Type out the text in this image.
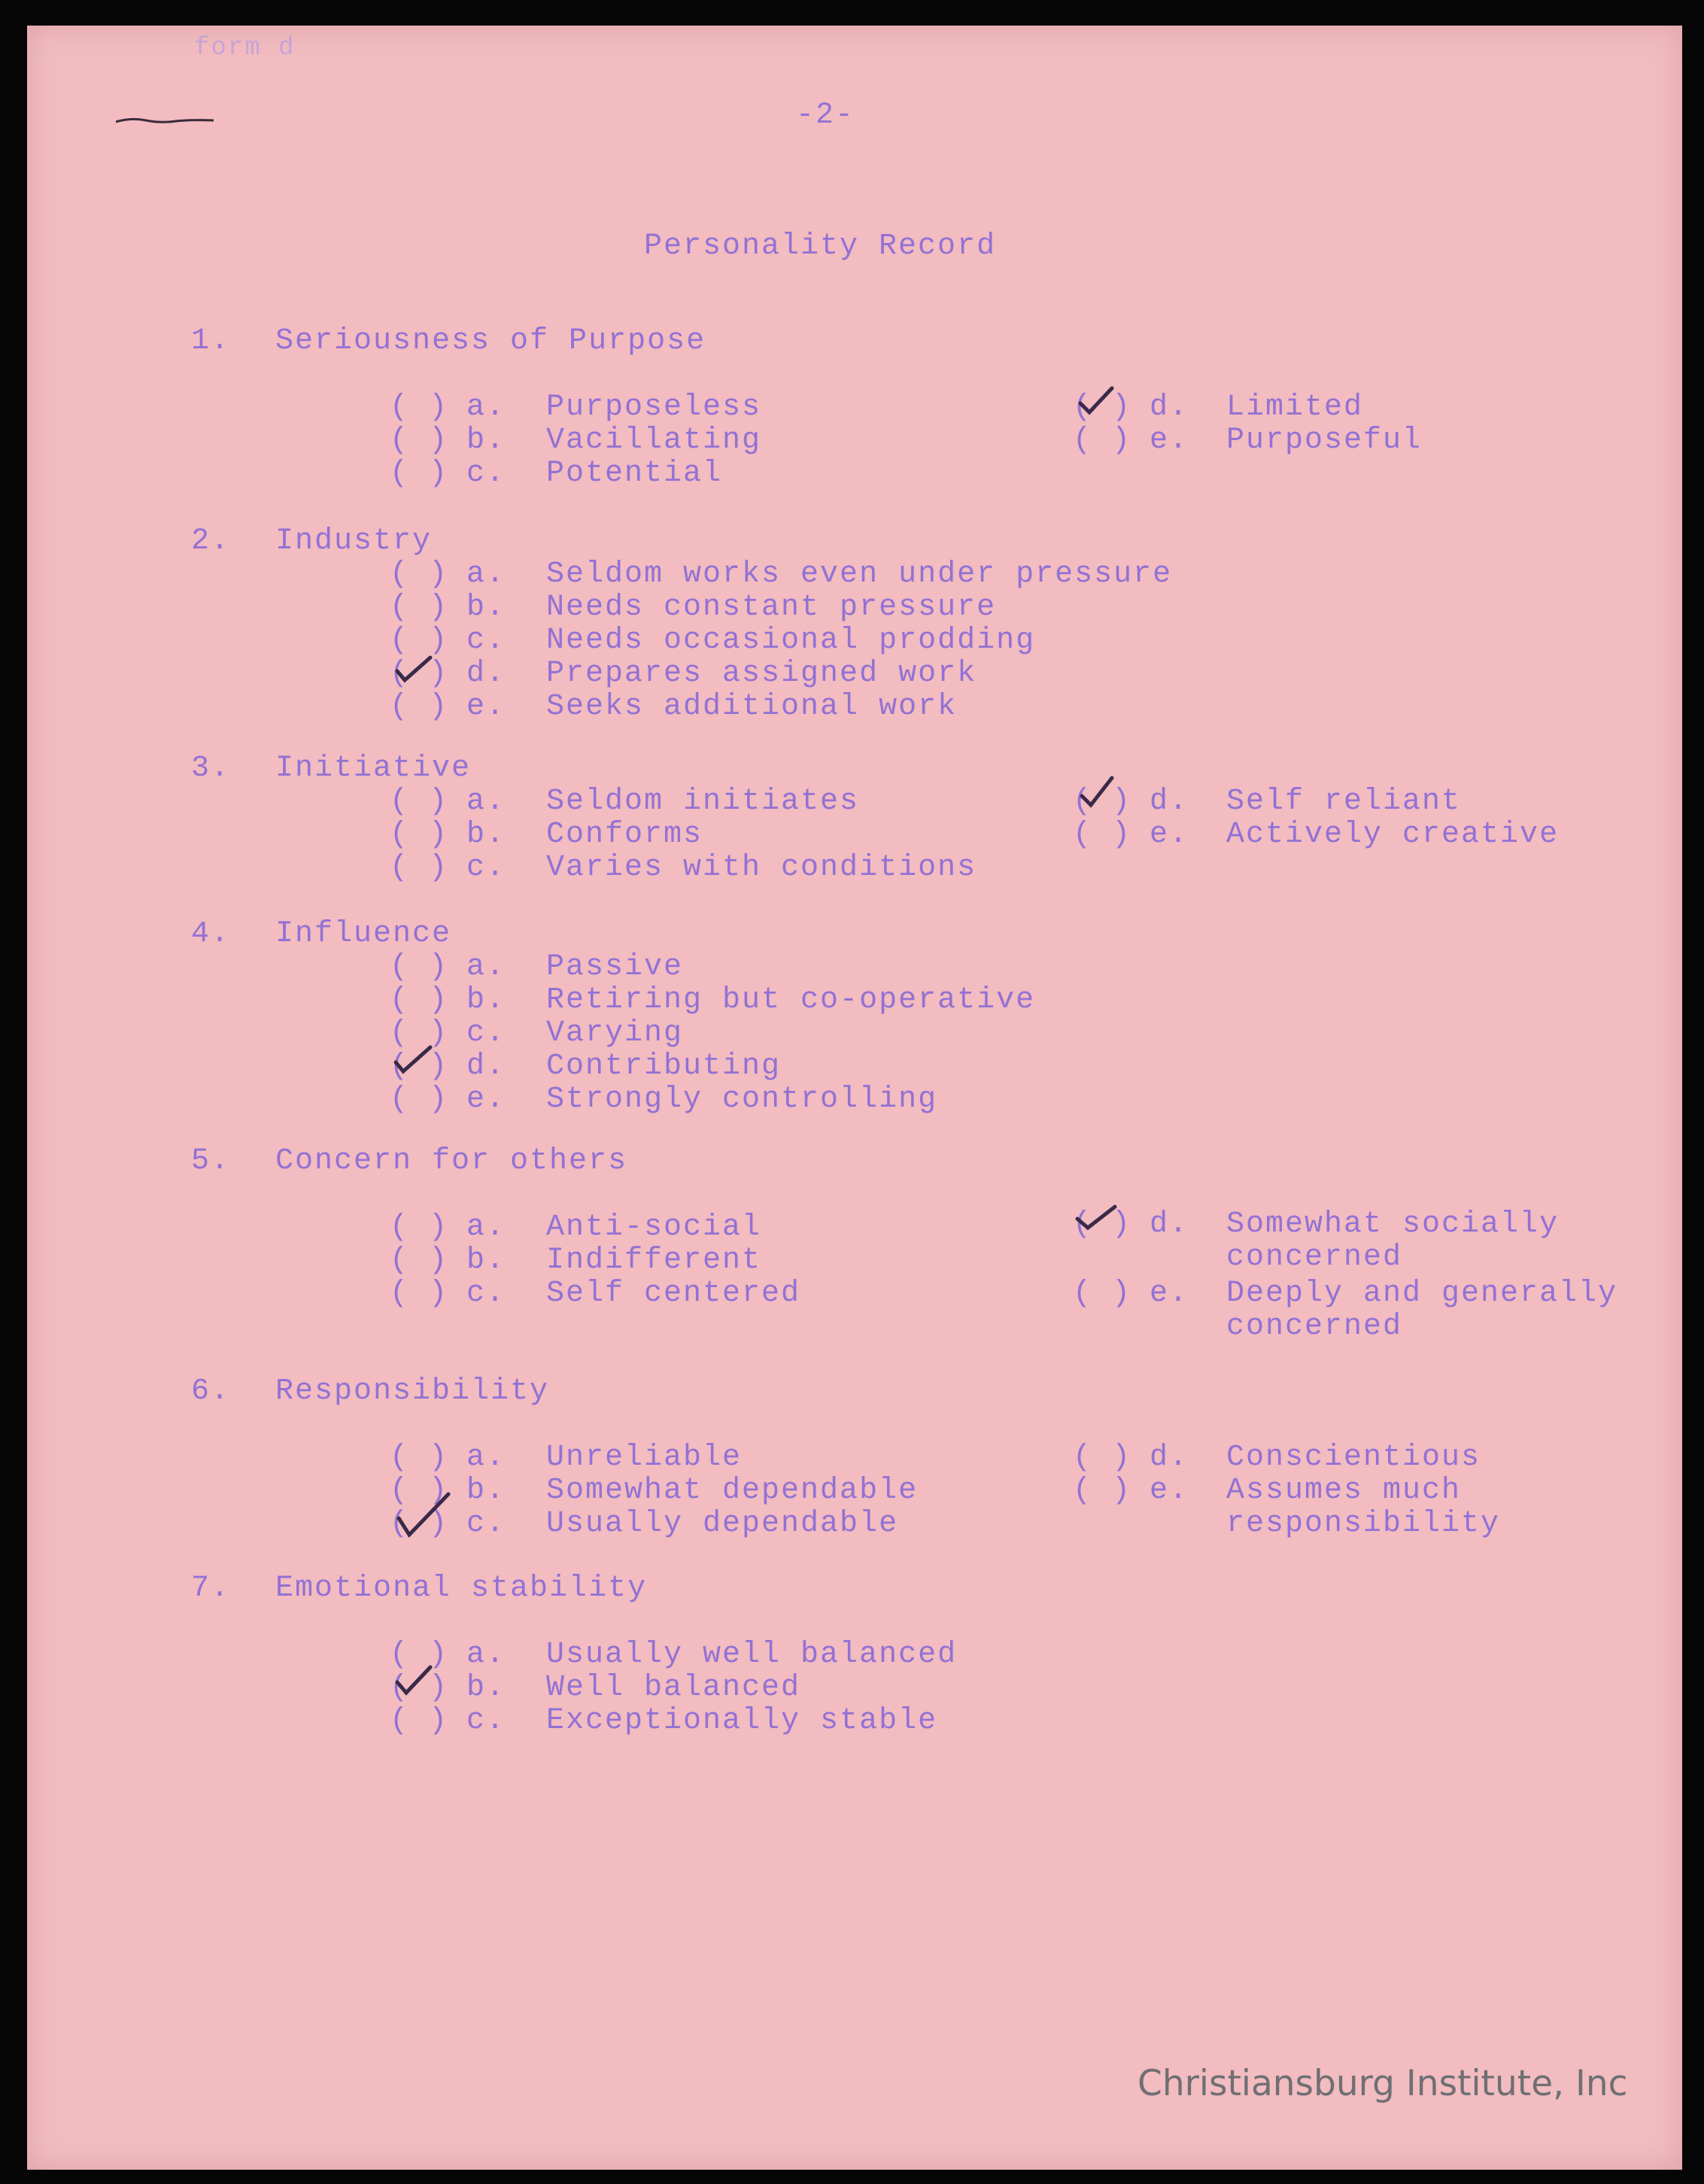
form d
-2-
Personality Record
1. Seriousness of Purpose
( ) a. Purposeless
( ) b. Vacillating
( ) c. Potential
( ) d. Limited
( ) e. Purposeful
2. Industry
( ) a. Seldom works even under pressure
( ) b. Needs constant pressure
( ) c. Needs occasional prodding
( ) d. Prepares assigned work
( ) e. Seeks additional work
3. Initiative
( ) a. Seldom initiates
( ) b. Conforms
( ) c. Varies with conditions
( ) d. Self reliant
( ) e. Actively creative
4. Influence
( ) a. Passive
( ) b. Retiring but co-operative
( ) c. Varying
( ) d. Contributing
( ) e. Strongly controlling
5. Concern for others
( ) a. Anti-social
( ) b. Indifferent
( ) c. Self centered
( ) d. Somewhat socially
concerned
( ) e. Deeply and generally
concerned
6. Responsibility
( ) a. Unreliable
( ) b. Somewhat dependable
( ) c. Usually dependable
( ) d. Conscientious
( ) e. Assumes much
responsibility
7. Emotional stability
( ) a. Usually well balanced
( ) b. Well balanced
( ) c. Exceptionally stable
Christiansburg Institute, Inc
